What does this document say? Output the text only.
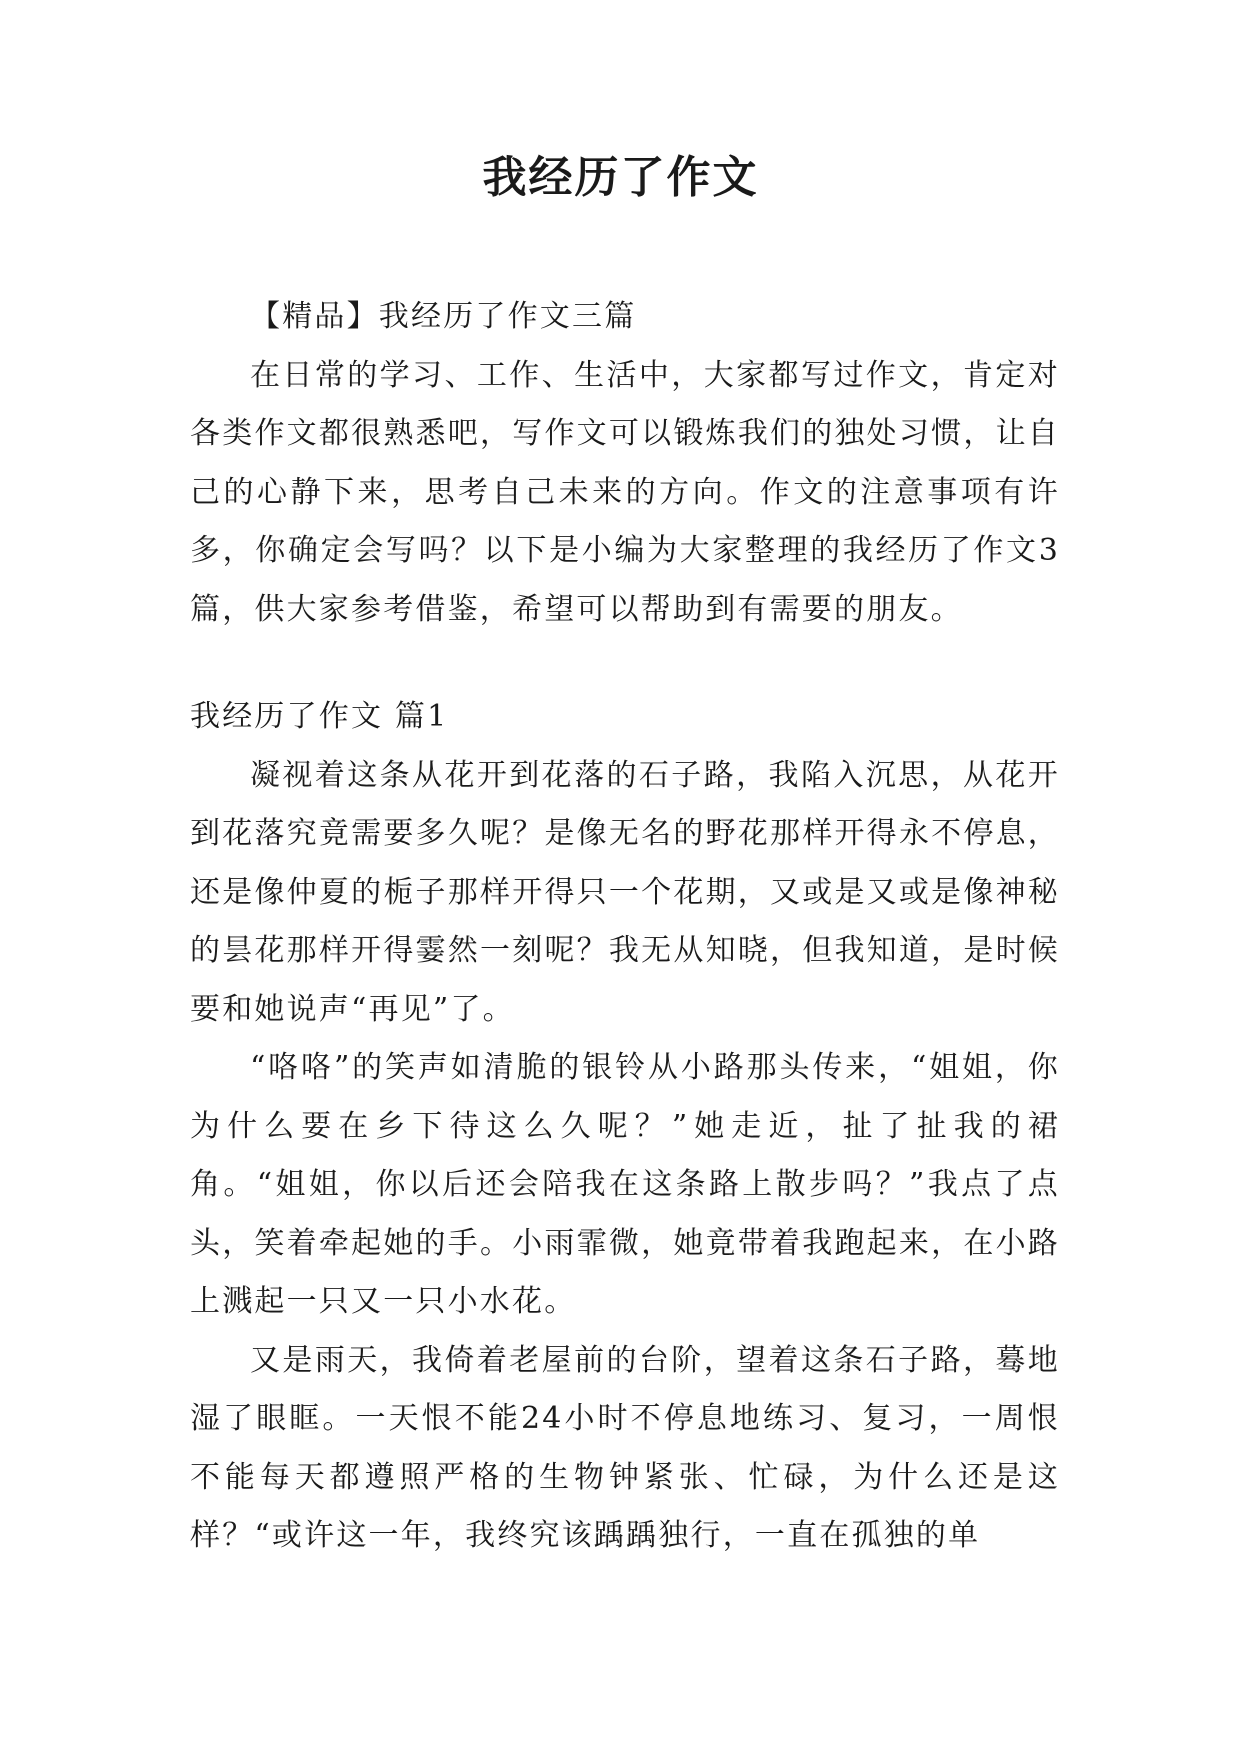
我经历了作文

【精品】我经历了作文三篇

在日常的学习、工作、生活中，大家都写过作文，肯定对各类作文都很熟悉吧，写作文可以锻炼我们的独处习惯，让自己的心静下来，思考自己未来的方向。作文的注意事项有许多，你确定会写吗？以下是小编为大家整理的我经历了作文3篇，供大家参考借鉴，希望可以帮助到有需要的朋友。

我经历了作文 篇1

凝视着这条从花开到花落的石子路，我陷入沉思，从花开到花落究竟需要多久呢？是像无名的野花那样开得永不停息，还是像仲夏的栀子那样开得只一个花期，又或是又或是像神秘的昙花那样开得霎然一刻呢？我无从知晓，但我知道，是时候要和她说声“再见”了。

“咯咯”的笑声如清脆的银铃从小路那头传来，“姐姐，你为什么要在乡下待这么久呢？”她走近，扯了扯我的裙角。“姐姐，你以后还会陪我在这条路上散步吗？”我点了点头，笑着牵起她的手。小雨霏微，她竟带着我跑起来，在小路上溅起一只又一只小水花。

又是雨天，我倚着老屋前的台阶，望着这条石子路，蓦地湿了眼眶。一天恨不能24小时不停息地练习、复习，一周恨不能每天都遵照严格的生物钟紧张、忙碌，为什么还是这样？“或许这一年，我终究该踽踽独行，一直在孤独的单
